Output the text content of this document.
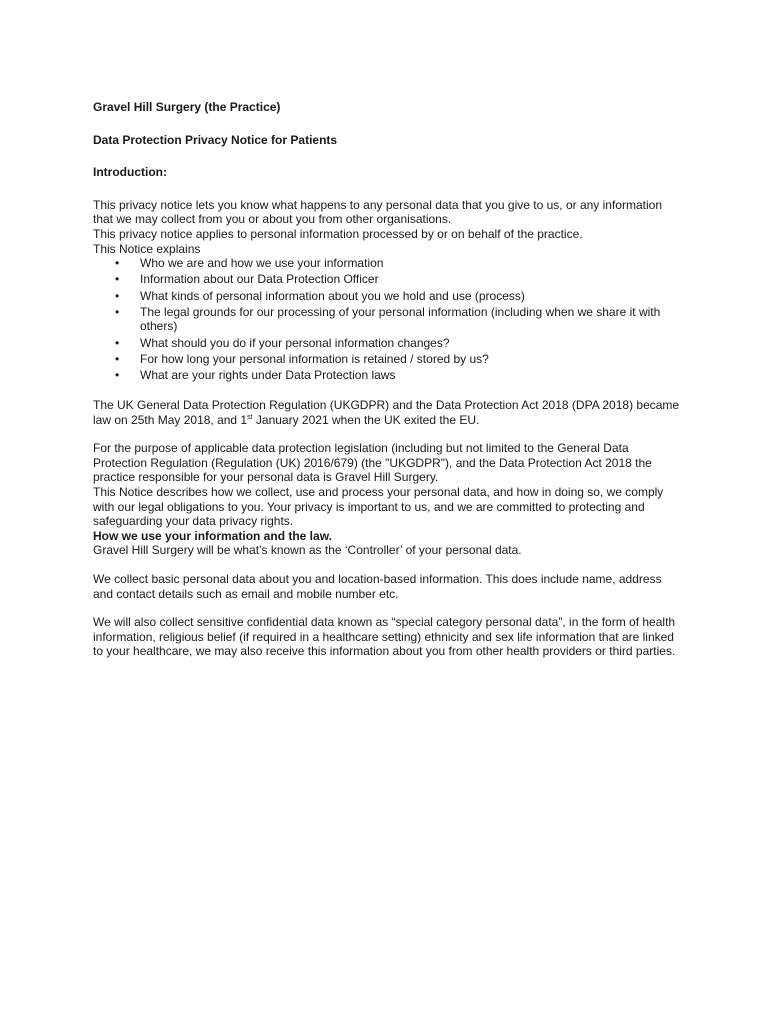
Gravel Hill Surgery (the Practice)

Data Protection Privacy Notice for Patients

Introduction:

This privacy notice lets you know what happens to any personal data that you give to us, or any information that we may collect from you or about you from other organisations.

This privacy notice applies to personal information processed by or on behalf of the practice.

This Notice explains

• Who we are and how we use your information
• Information about our Data Protection Officer
• What kinds of personal information about you we hold and use (process)
• The legal grounds for our processing of your personal information (including when we share it with others)
• What should you do if your personal information changes?
• For how long your personal information is retained / stored by us?
• What are your rights under Data Protection laws

The UK General Data Protection Regulation (UKGDPR) and the Data Protection Act 2018 (DPA 2018) became law on 25th May 2018, and 1st January 2021 when the UK exited the EU.

For the purpose of applicable data protection legislation (including but not limited to the General Data Protection Regulation (Regulation (UK) 2016/679) (the "UKGDPR"), and the Data Protection Act 2018 the practice responsible for your personal data is Gravel Hill Surgery.

This Notice describes how we collect, use and process your personal data, and how in doing so, we comply with our legal obligations to you. Your privacy is important to us, and we are committed to protecting and safeguarding your data privacy rights.

How we use your information and the law.

Gravel Hill Surgery will be what’s known as the ‘Controller’ of your personal data.

We collect basic personal data about you and location-based information. This does include name, address and contact details such as email and mobile number etc.

We will also collect sensitive confidential data known as “special category personal data”, in the form of health information, religious belief (if required in a healthcare setting) ethnicity and sex life information that are linked to your healthcare, we may also receive this information about you from other health providers or third parties.
